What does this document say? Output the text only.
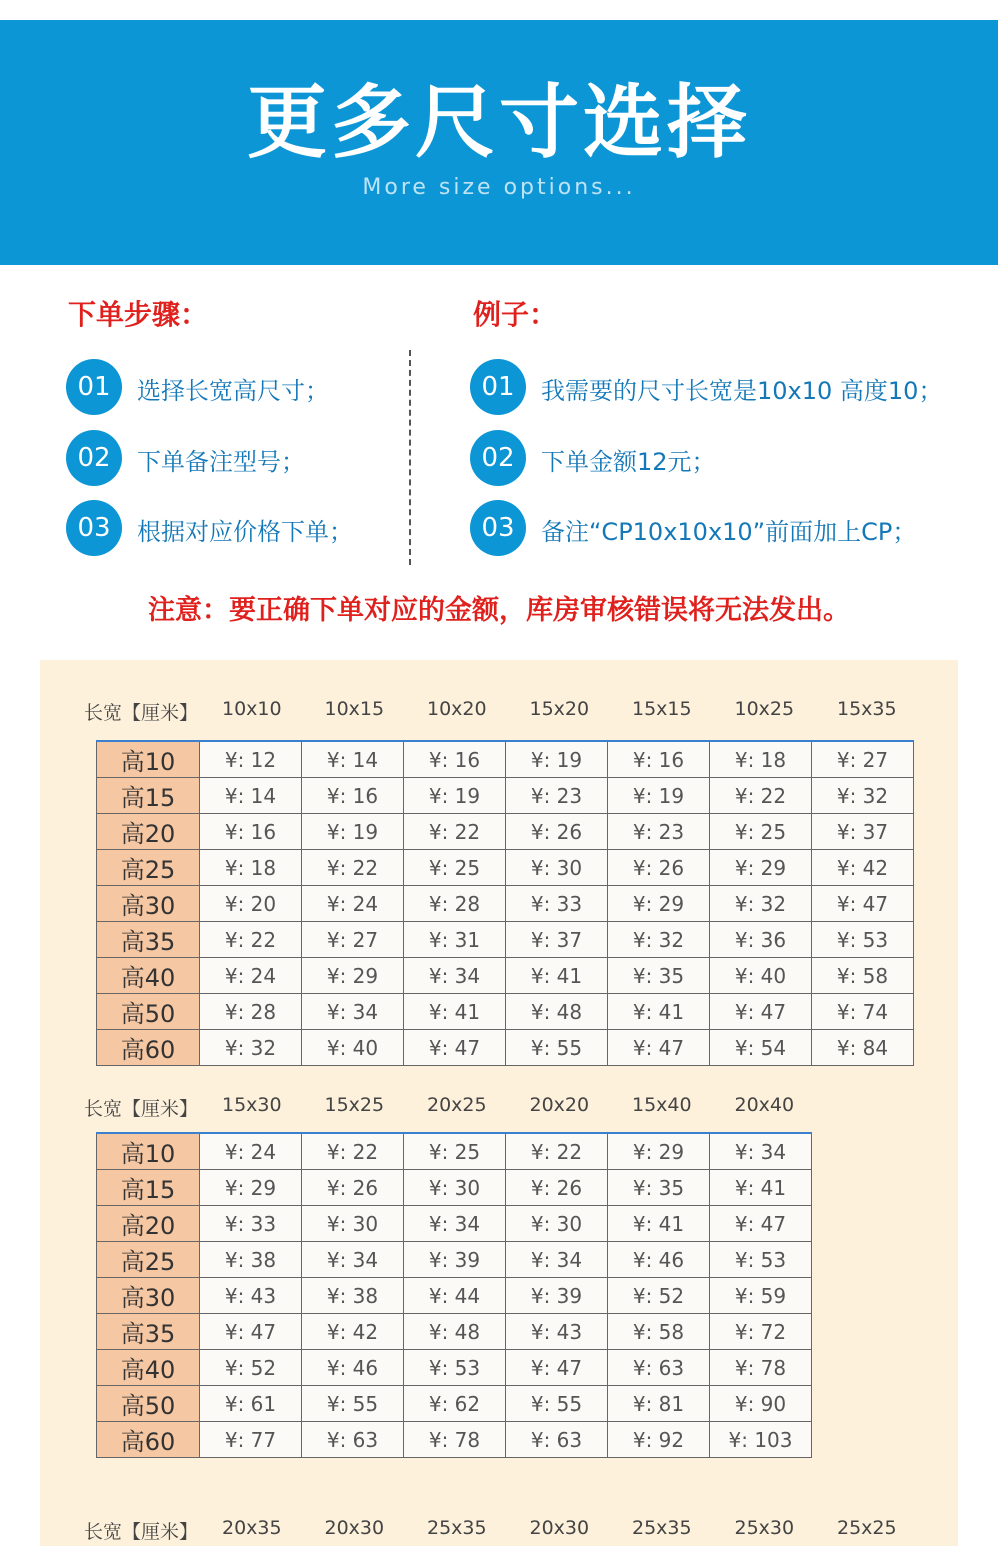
更多尺寸选择
More size options...
下单步骤：	例子：
01	选择长宽高尺寸；
02	下单备注型号；
03	根据对应价格下单；
01	我需要的尺寸长宽是10x10 高度10；
02	下单金额12元；
03	备注“CP10x10x10”前面加上CP；
注意：要正确下单对应的金额，库房审核错误将无法发出。
长宽【厘米】 10x10 10x15 10x20 15x20 15x15 10x25 15x35
高10	¥: 12	¥: 14	¥: 16	¥: 19	¥: 16	¥: 18	¥: 27
高15	¥: 14	¥: 16	¥: 19	¥: 23	¥: 19	¥: 22	¥: 32
高20	¥: 16	¥: 19	¥: 22	¥: 26	¥: 23	¥: 25	¥: 37
高25	¥: 18	¥: 22	¥: 25	¥: 30	¥: 26	¥: 29	¥: 42
高30	¥: 20	¥: 24	¥: 28	¥: 33	¥: 29	¥: 32	¥: 47
高35	¥: 22	¥: 27	¥: 31	¥: 37	¥: 32	¥: 36	¥: 53
高40	¥: 24	¥: 29	¥: 34	¥: 41	¥: 35	¥: 40	¥: 58
高50	¥: 28	¥: 34	¥: 41	¥: 48	¥: 41	¥: 47	¥: 74
高60	¥: 32	¥: 40	¥: 47	¥: 55	¥: 47	¥: 54	¥: 84
长宽【厘米】 15x30 15x25 20x25 20x20 15x40 20x40
高10	¥: 24	¥: 22	¥: 25	¥: 22	¥: 29	¥: 34
高15	¥: 29	¥: 26	¥: 30	¥: 26	¥: 35	¥: 41
高20	¥: 33	¥: 30	¥: 34	¥: 30	¥: 41	¥: 47
高25	¥: 38	¥: 34	¥: 39	¥: 34	¥: 46	¥: 53
高30	¥: 43	¥: 38	¥: 44	¥: 39	¥: 52	¥: 59
高35	¥: 47	¥: 42	¥: 48	¥: 43	¥: 58	¥: 72
高40	¥: 52	¥: 46	¥: 53	¥: 47	¥: 63	¥: 78
高50	¥: 61	¥: 55	¥: 62	¥: 55	¥: 81	¥: 90
高60	¥: 77	¥: 63	¥: 78	¥: 63	¥: 92	¥: 103
长宽【厘米】 20x35 20x30 25x35 20x30 25x35 25x30 25x25
